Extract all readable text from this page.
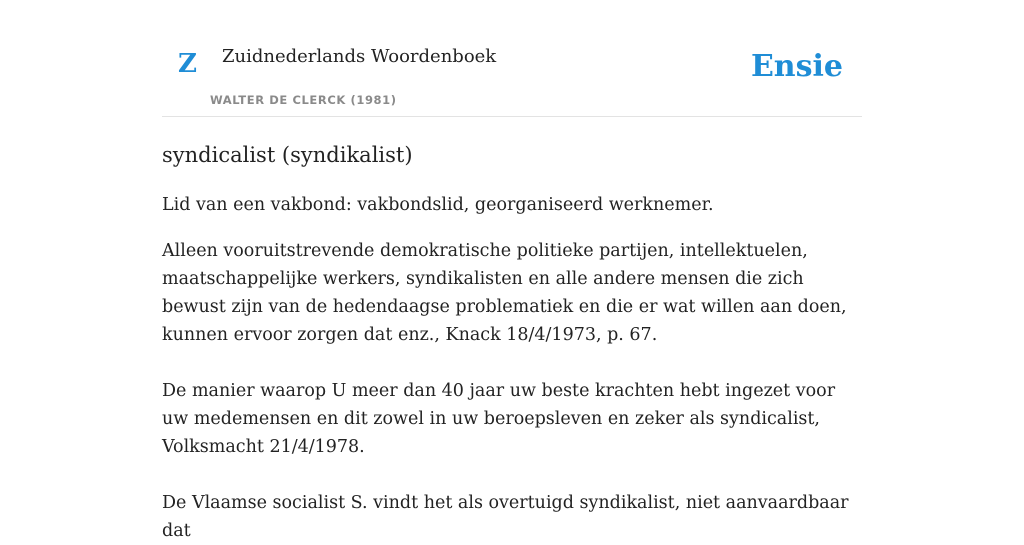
Z Zuidnederlands Woordenboek
WALTER DE CLERCK (1981)
Ensie
syndicalist (syndikalist)

Lid van een vakbond: vakbondslid, georganiseerd werknemer.

Alleen vooruitstrevende demokratische politieke partijen, intellektuelen, maatschappelijke werkers, syndikalisten en alle andere mensen die zich bewust zijn van de hedendaagse problematiek en die er wat willen aan doen, kunnen ervoor zorgen dat enz., Knack 18/4/1973, p. 67.

De manier waarop U meer dan 40 jaar uw beste krachten hebt ingezet voor uw medemensen en dit zowel in uw beroepsleven en zeker als syndicalist, Volksmacht 21/4/1978.

De Vlaamse socialist S. vindt het als overtuigd syndikalist, niet aanvaardbaar dat
